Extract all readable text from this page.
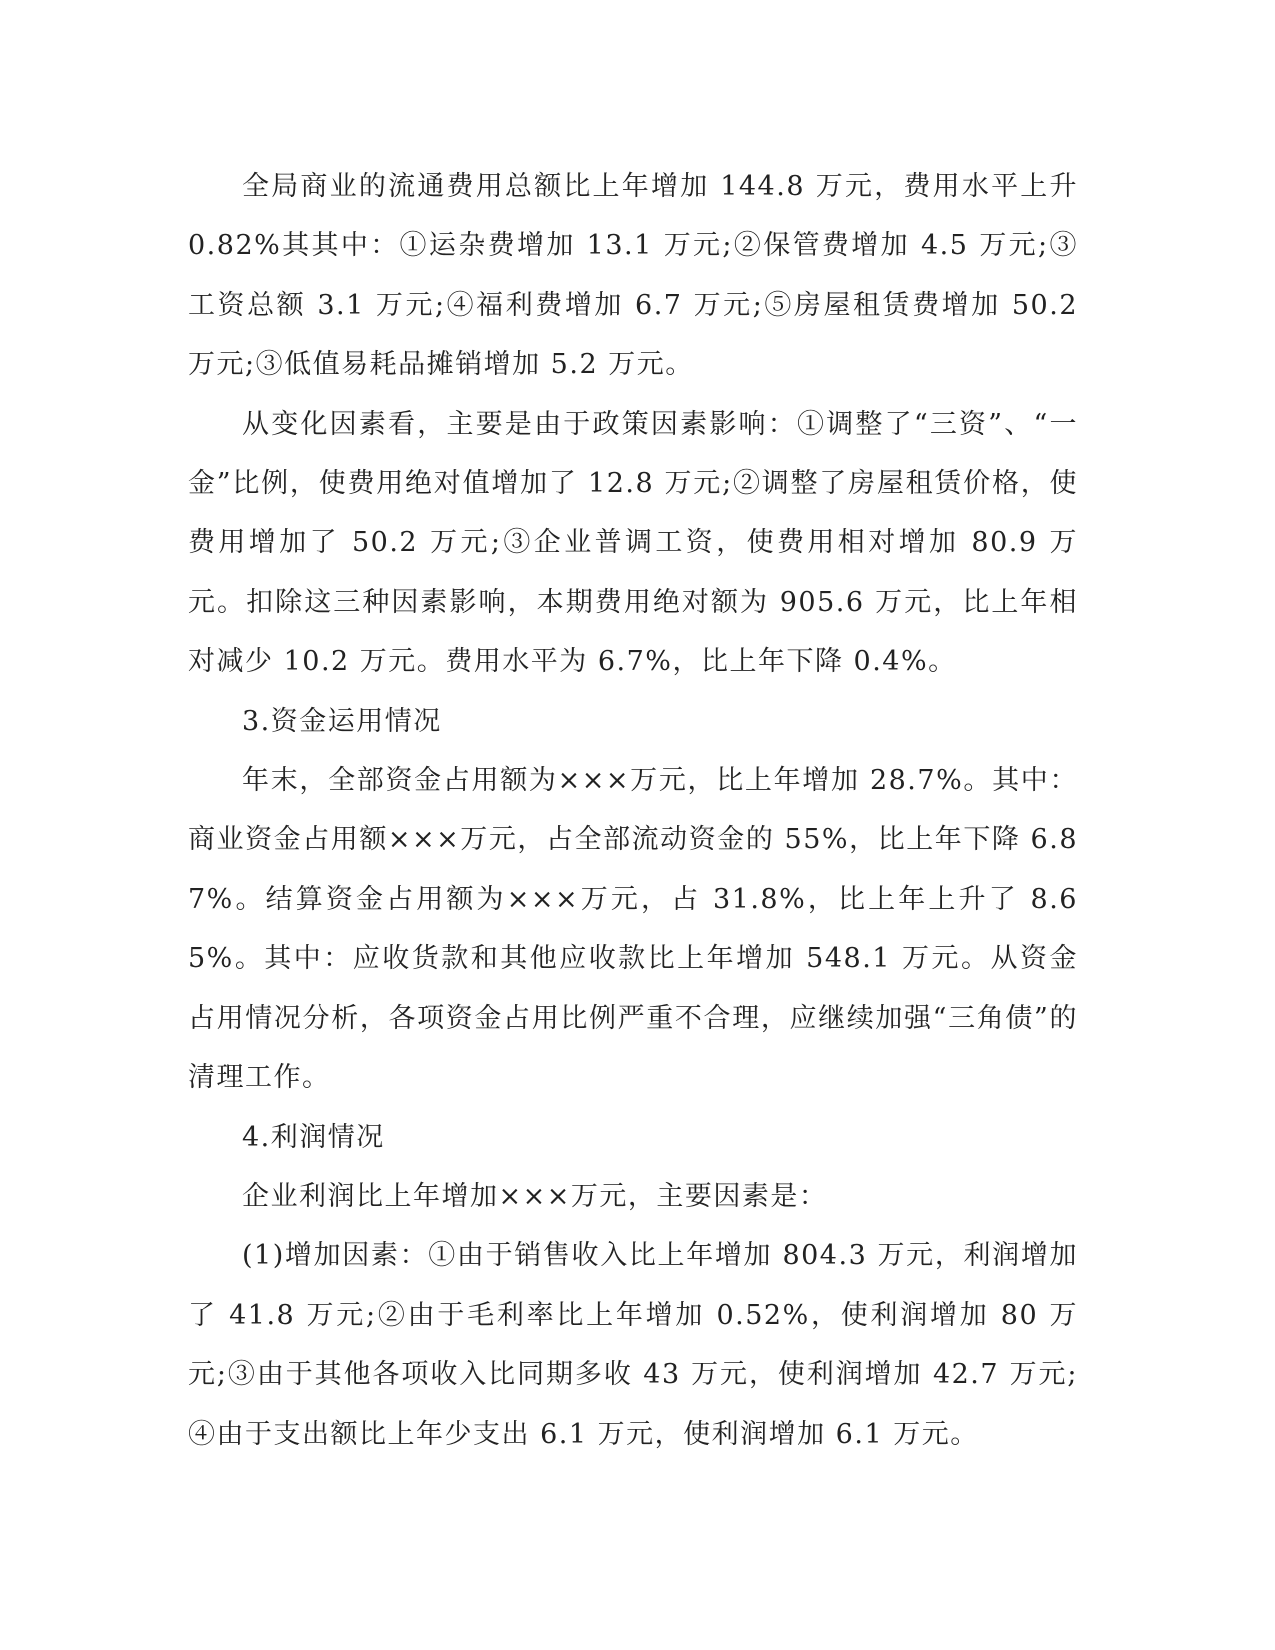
全局商业的流通费用总额比上年增加 144.8 万元，费用水平上升 0.82%其其中：①运杂费增加 13.1 万元;②保管费增加 4.5 万元;③工资总额 3.1 万元;④福利费增加 6.7 万元;⑤房屋租赁费增加 50.2 万元;③低值易耗品摊销增加 5.2 万元。

从变化因素看，主要是由于政策因素影响：①调整了“三资”、“一金”比例，使费用绝对值增加了 12.8 万元;②调整了房屋租赁价格，使费用增加了 50.2 万元;③企业普调工资，使费用相对增加 80.9 万元。扣除这三种因素影响，本期费用绝对额为 905.6 万元，比上年相对减少 10.2 万元。费用水平为 6.7%，比上年下降 0.4%。

3.资金运用情况

年末，全部资金占用额为×××万元，比上年增加 28.7%。其中：商业资金占用额×××万元，占全部流动资金的 55%，比上年下降 6.87%。结算资金占用额为×××万元，占 31.8%，比上年上升了 8.65%。其中：应收货款和其他应收款比上年增加 548.1 万元。从资金占用情况分析，各项资金占用比例严重不合理，应继续加强“三角债”的清理工作。

4.利润情况

企业利润比上年增加×××万元，主要因素是：

(1)增加因素：①由于销售收入比上年增加 804.3 万元，利润增加了 41.8 万元;②由于毛利率比上年增加 0.52%，使利润增加 80 万元;③由于其他各项收入比同期多收 43 万元，使利润增加 42.7 万元;④由于支出额比上年少支出 6.1 万元，使利润增加 6.1 万元。
